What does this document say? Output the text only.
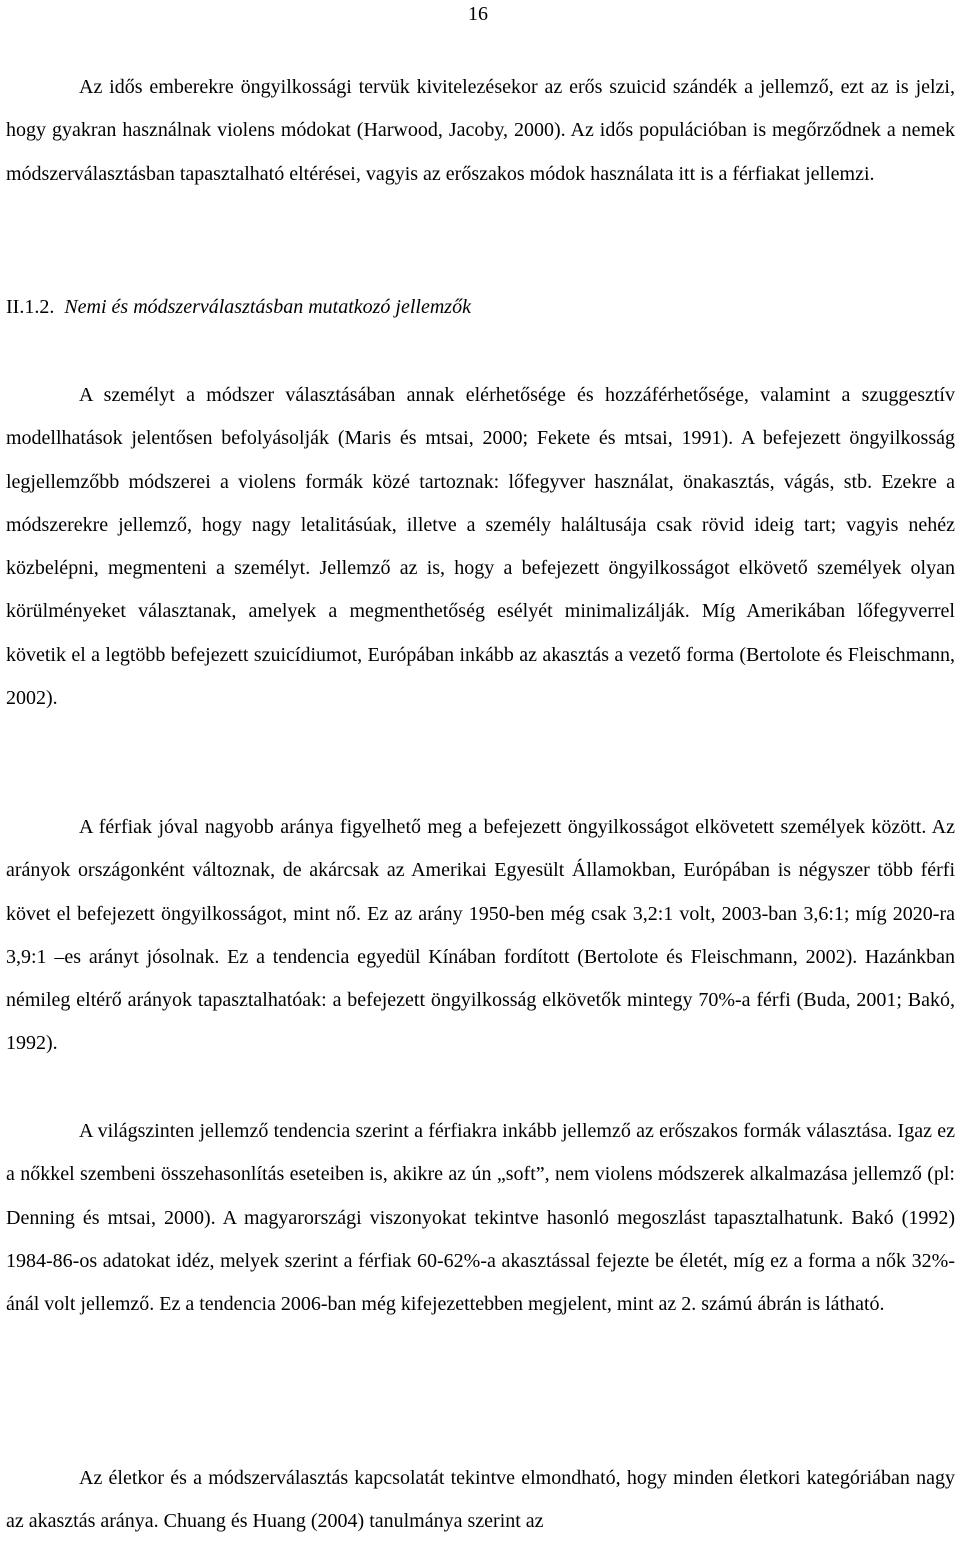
16

Az idős emberekre öngyilkossági tervük kivitelezésekor az erős szuicid szándék a jellemző, ezt az is jelzi, hogy gyakran használnak violens módokat (Harwood, Jacoby, 2000). Az idős populációban is megőrződnek a nemek módszerválasztásban tapasztalható eltérései, vagyis az erőszakos módok használata itt is a férfiakat jellemzi.

II.1.2. Nemi és módszerválasztásban mutatkozó jellemzők

A személyt a módszer választásában annak elérhetősége és hozzáférhetősége, valamint a szuggesztív modellhatások jelentősen befolyásolják (Maris és mtsai, 2000; Fekete és mtsai, 1991). A befejezett öngyilkosság legjellemzőbb módszerei a violens formák közé tartoznak: lőfegyver használat, önakasztás, vágás, stb. Ezekre a módszerekre jellemző, hogy nagy letalitásúak, illetve a személy haláltusája csak rövid ideig tart; vagyis nehéz közbelépni, megmenteni a személyt. Jellemző az is, hogy a befejezett öngyilkosságot elkövető személyek olyan körülményeket választanak, amelyek a megmenthetőség esélyét minimalizálják. Míg Amerikában lőfegyverrel követik el a legtöbb befejezett szuicídiumot, Európában inkább az akasztás a vezető forma (Bertolote és Fleischmann, 2002).

A férfiak jóval nagyobb aránya figyelhető meg a befejezett öngyilkosságot elkövetett személyek között. Az arányok országonként változnak, de akárcsak az Amerikai Egyesült Államokban, Európában is négyszer több férfi követ el befejezett öngyilkosságot, mint nő. Ez az arány 1950-ben még csak 3,2:1 volt, 2003-ban 3,6:1; míg 2020-ra 3,9:1 –es arányt jósolnak. Ez a tendencia egyedül Kínában fordított (Bertolote és Fleischmann, 2002). Hazánkban némileg eltérő arányok tapasztalhatóak: a befejezett öngyilkosság elkövetők mintegy 70%-a férfi (Buda, 2001; Bakó, 1992).

A világszinten jellemző tendencia szerint a férfiakra inkább jellemző az erőszakos formák választása. Igaz ez a nőkkel szembeni összehasonlítás eseteiben is, akikre az ún „soft”, nem violens módszerek alkalmazása jellemző (pl: Denning és mtsai, 2000). A magyarországi viszonyokat tekintve hasonló megoszlást tapasztalhatunk. Bakó (1992) 1984-86-os adatokat idéz, melyek szerint a férfiak 60-62%-a akasztással fejezte be életét, míg ez a forma a nők 32%-ánál volt jellemző. Ez a tendencia 2006-ban még kifejezettebben megjelent, mint az 2. számú ábrán is látható.

Az életkor és a módszerválasztás kapcsolatát tekintve elmondható, hogy minden életkori kategóriában nagy az akasztás aránya. Chuang és Huang (2004) tanulmánya szerint az
